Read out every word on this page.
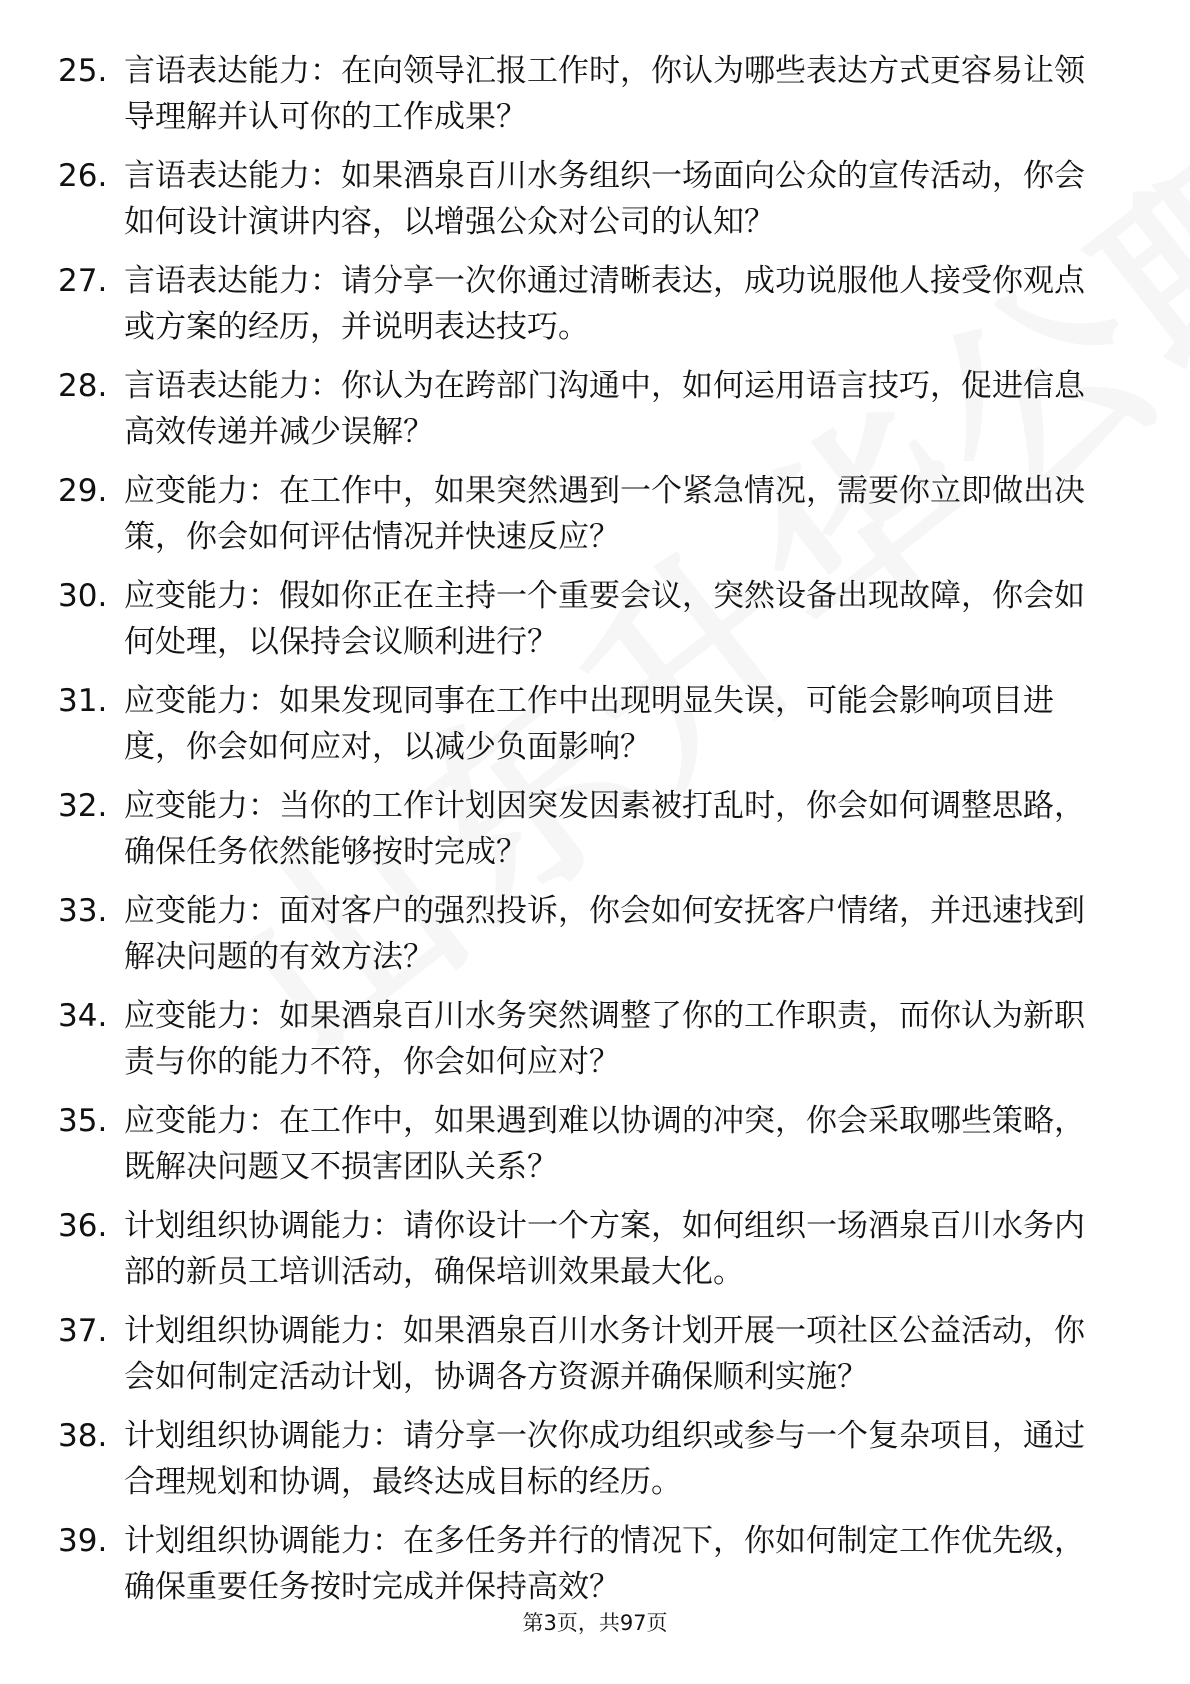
25. 言语表达能力：在向领导汇报工作时，你认为哪些表达方式更容易让领导理解并认可你的工作成果？
26. 言语表达能力：如果酒泉百川水务组织一场面向公众的宣传活动，你会如何设计演讲内容，以增强公众对公司的认知？
27. 言语表达能力：请分享一次你通过清晰表达，成功说服他人接受你观点或方案的经历，并说明表达技巧。
28. 言语表达能力：你认为在跨部门沟通中，如何运用语言技巧，促进信息高效传递并减少误解？
29. 应变能力：在工作中，如果突然遇到一个紧急情况，需要你立即做出决策，你会如何评估情况并快速反应？
30. 应变能力：假如你正在主持一个重要会议，突然设备出现故障，你会如何处理，以保持会议顺利进行？
31. 应变能力：如果发现同事在工作中出现明显失误，可能会影响项目进度，你会如何应对，以减少负面影响？
32. 应变能力：当你的工作计划因突发因素被打乱时，你会如何调整思路，确保任务依然能够按时完成？
33. 应变能力：面对客户的强烈投诉，你会如何安抚客户情绪，并迅速找到解决问题的有效方法？
34. 应变能力：如果酒泉百川水务突然调整了你的工作职责，而你认为新职责与你的能力不符，你会如何应对？
35. 应变能力：在工作中，如果遇到难以协调的冲突，你会采取哪些策略，既解决问题又不损害团队关系？
36. 计划组织协调能力：请你设计一个方案，如何组织一场酒泉百川水务内部的新员工培训活动，确保培训效果最大化。
37. 计划组织协调能力：如果酒泉百川水务计划开展一项社区公益活动，你会如何制定活动计划，协调各方资源并确保顺利实施？
38. 计划组织协调能力：请分享一次你成功组织或参与一个复杂项目，通过合理规划和协调，最终达成目标的经历。
39. 计划组织协调能力：在多任务并行的情况下，你如何制定工作优先级，确保重要任务按时完成并保持高效？
第3页，共97页
